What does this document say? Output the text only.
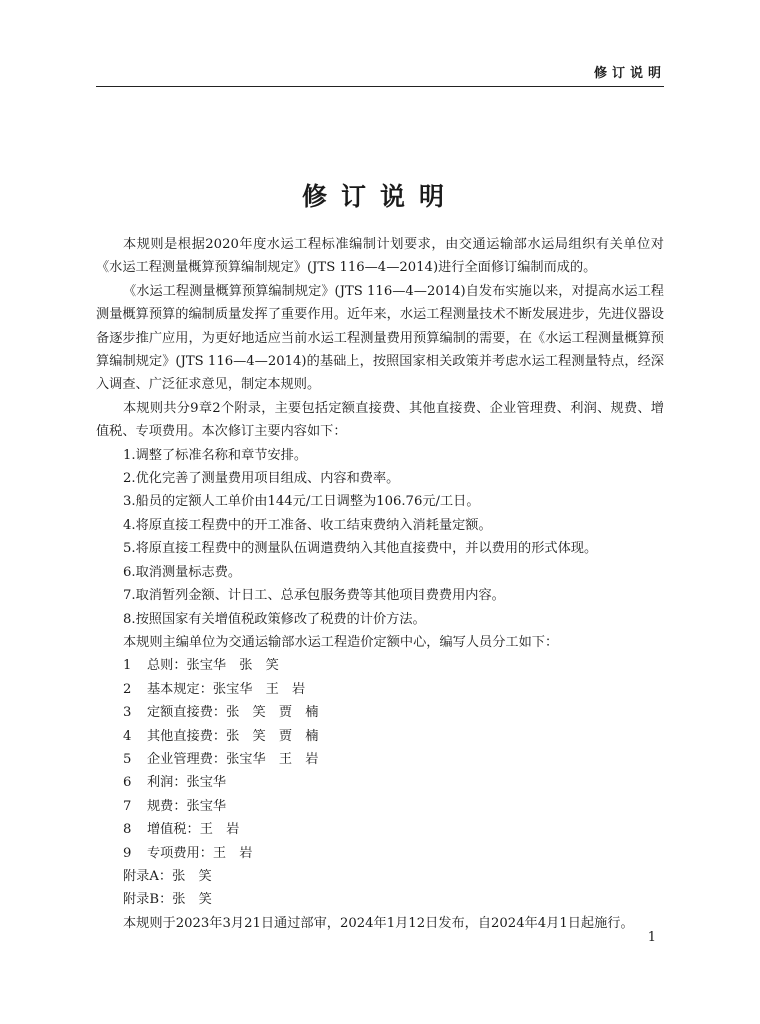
修订说明
修订说明

本规则是根据2020年度水运工程标准编制计划要求，由交通运输部水运局组织有关单位对《水运工程测量概算预算编制规定》(JTS 116—4—2014)进行全面修订编制而成的。

《水运工程测量概算预算编制规定》(JTS 116—4—2014)自发布实施以来，对提高水运工程测量概算预算的编制质量发挥了重要作用。近年来，水运工程测量技术不断发展进步，先进仪器设备逐步推广应用，为更好地适应当前水运工程测量费用预算编制的需要，在《水运工程测量概算预算编制规定》(JTS 116—4—2014)的基础上，按照国家相关政策并考虑水运工程测量特点，经深入调查、广泛征求意见，制定本规则。

本规则共分9章2个附录，主要包括定额直接费、其他直接费、企业管理费、利润、规费、增值税、专项费用。本次修订主要内容如下：

1.调整了标准名称和章节安排。

2.优化完善了测量费用项目组成、内容和费率。

3.船员的定额人工单价由144元/工日调整为106.76元/工日。

4.将原直接工程费中的开工准备、收工结束费纳入消耗量定额。

5.将原直接工程费中的测量队伍调遣费纳入其他直接费中，并以费用的形式体现。

6.取消测量标志费。

7.取消暂列金额、计日工、总承包服务费等其他项目费费用内容。

8.按照国家有关增值税政策修改了税费的计价方法。

本规则主编单位为交通运输部水运工程造价定额中心，编写人员分工如下：

1	总则：张宝华　张　笑
2	基本规定：张宝华　王　岩
3	定额直接费：张　笑　贾　楠
4	其他直接费：张　笑　贾　楠
5	企业管理费：张宝华　王　岩
6	利润：张宝华
7	规费：张宝华
8	增值税：王　岩
9	专项费用：王　岩

附录A：张　笑

附录B：张　笑

本规则于2023年3月21日通过部审，2024年1月12日发布，自2024年4月1日起施行。

1
